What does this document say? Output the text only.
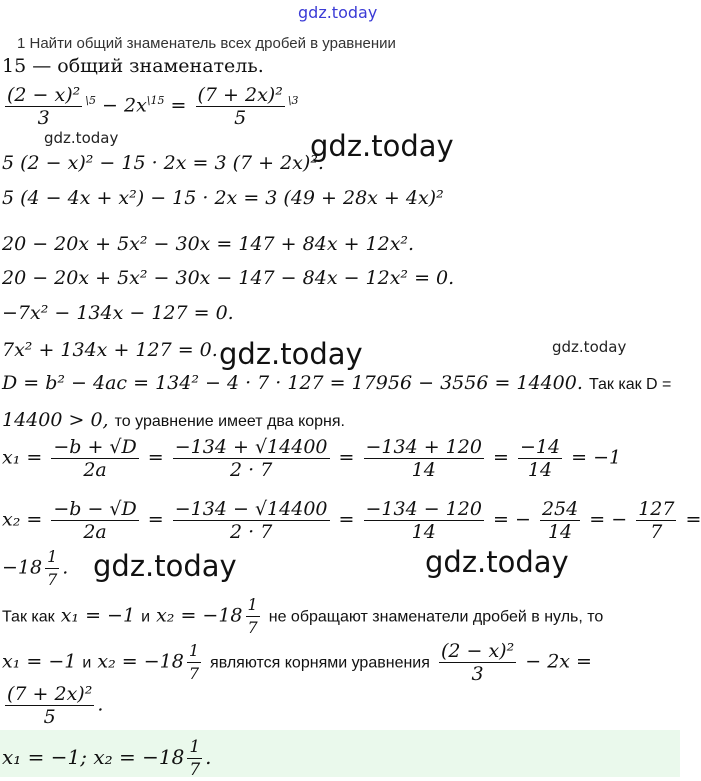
gdz.today
gdz.today	gdz.today
gdz.today	gdz.today
gdz.today	gdz.today
1 Найти общий знаменатель всех дробей в уравнении
15 — общий знаменатель.
$\frac{\text{(2 − x)²}}{3} ^{\backslash 5} - 2x^{\backslash 15} = \frac{\text{(7 + 2x)²}}{5} ^{\backslash 3}$
5 (2 − x)² − 15 · 2x = 3 (7 + 2x)².
5 (4 − 4x + x²) − 15 · 2x = 3 (49 + 28x + 4x)²
20 − 20x + 5x² − 30x = 147 + 84x + 12x².
20 − 20x + 5x² − 30x − 147 − 84x − 12x² = 0.
−7x² − 134x − 127 = 0.
7x² + 134x + 127 = 0.
D = b² − 4ac = 134² − 4 · 7 · 127 = 17956 − 3556 = 14400. Так как D =
14400 > 0, то уравнение имеет два корня.
$x_1 = \frac{-b + √D}{2a} = \frac{-134 + √14400}{2 \cdot 7} = \frac{-134 + 120}{14} = \frac{-14}{14} = -1$
$x_2 = \frac{-b - √D}{2a} = \frac{-134 - √14400}{2 \cdot 7} = \frac{-134 - 120}{14}$ = − $\frac{254}{14}$ = − $\frac{127}{7}$ =
$-18 \frac{1}{7}$ .
Так как x₁ = −1 и $x_2 = -18 \frac{1}{7}$ не обращают знаменатели дробей в нуль, то
x₁ = −1 и $x_2 = -18 \frac{1}{7}$ являются корнями уравнения $\frac{\text{(2 − x)²}}{3} - 2x$ =
$\frac{\text{(7 + 2x)²}}{5}$ .
x₁ = −1; $x_2 = -18 \frac{1}{7}$ .
